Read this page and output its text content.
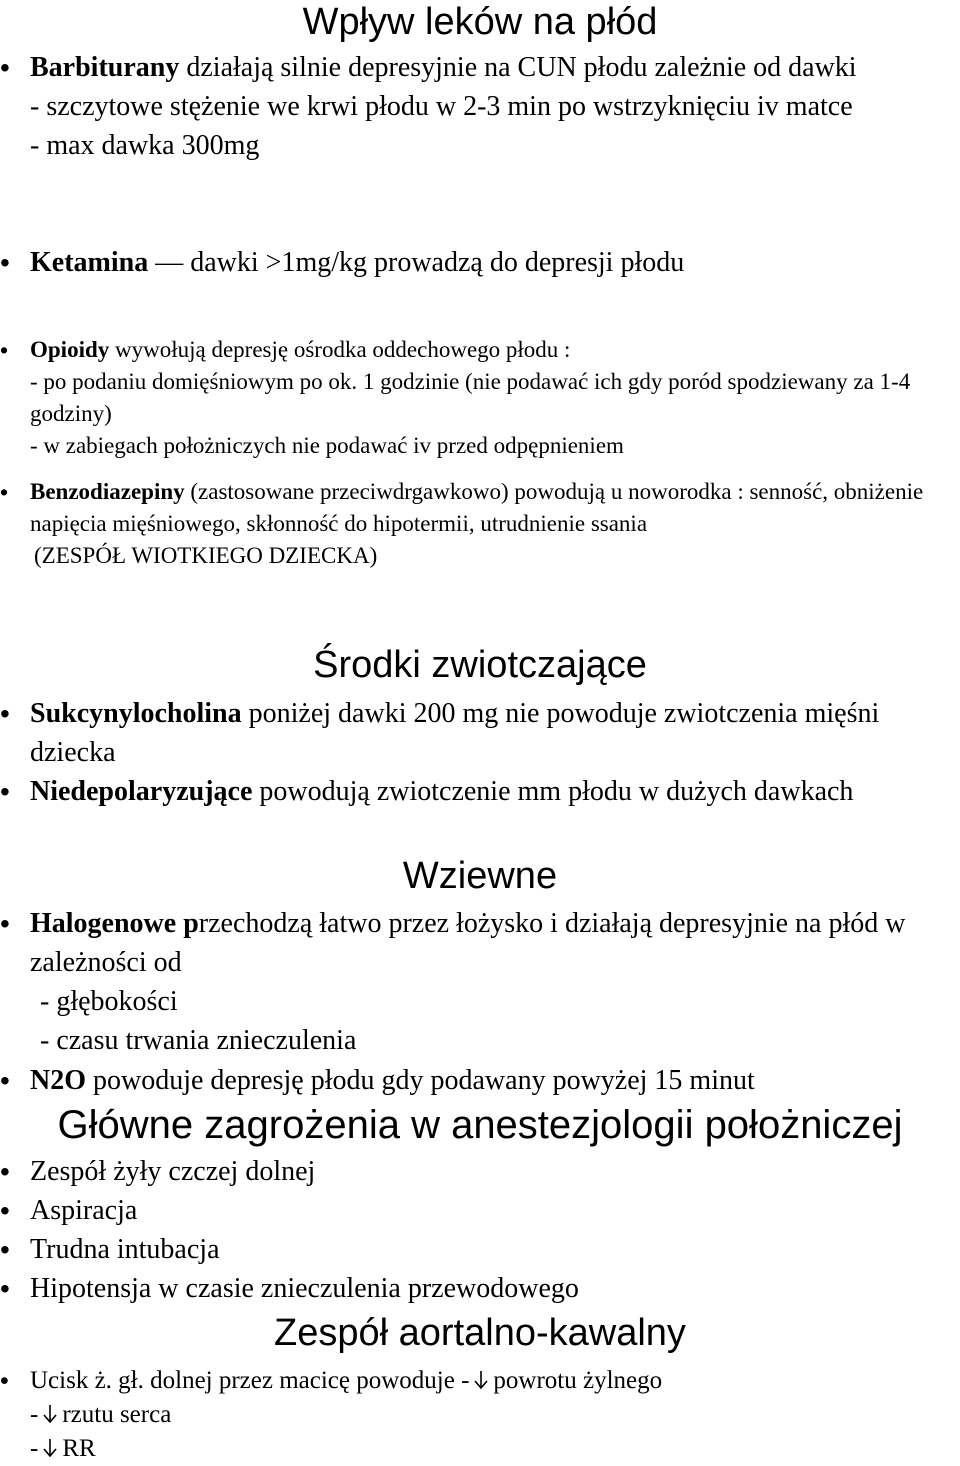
Wpływ leków na płód
• Barbiturany działają silnie depresyjnie na CUN płodu zależnie od dawki
- szczytowe stężenie we krwi płodu w 2-3 min po wstrzyknięciu iv matce
- max dawka 300mg
• Ketamina — dawki >1mg/kg prowadzą do depresji płodu
• Opioidy wywołują depresję ośrodka oddechowego płodu :
- po podaniu domięśniowym po ok. 1 godzinie (nie podawać ich gdy poród spodziewany za 1-4 godziny)
- w zabiegach położniczych nie podawać iv przed odpępnieniem
• Benzodiazepiny (zastosowane przeciwdrgawkowo) powodują u noworodka : senność, obniżenie napięcia mięśniowego, skłonność do hipotermii, utrudnienie ssania
(ZESPÓŁ WIOTKIEGO DZIECKA)
Środki zwiotczające
• Sukcynylocholina poniżej dawki 200 mg nie powoduje zwiotczenia mięśni dziecka
• Niedepolaryzujące powodują zwiotczenie mm płodu w dużych dawkach
Wziewne
• Halogenowe przechodzą łatwo przez łożysko i działają depresyjnie na płód w zależności od
- głębokości
- czasu trwania znieczulenia
• N2O powoduje depresję płodu gdy podawany powyżej 15 minut
Główne zagrożenia w anestezjologii położniczej
• Zespół żyły czczej dolnej
• Aspiracja
• Trudna intubacja
• Hipotensja w czasie znieczulenia przewodowego
Zespół aortalno-kawalny
• Ucisk ż. gł. dolnej przez macicę powoduje - powrotu żylnego
- rzutu serca
- RR
